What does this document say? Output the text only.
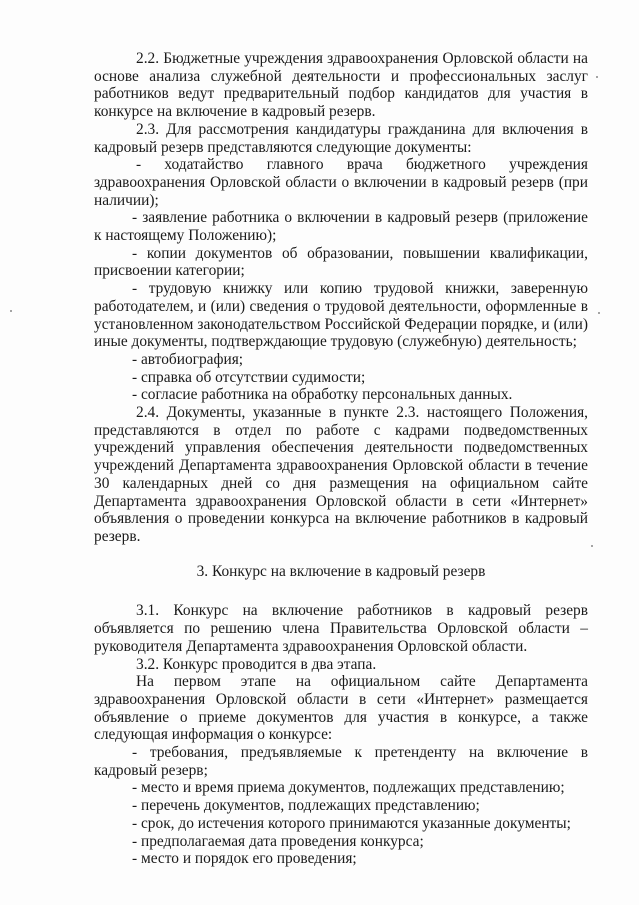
2.2. Бюджетные учреждения здравоохранения Орловской области на основе анализа служебной деятельности и профессиональных заслуг работников ведут предварительный подбор кандидатов для участия в конкурсе на включение в кадровый резерв.

2.3. Для рассмотрения кандидатуры гражданина для включения в кадровый резерв представляются следующие документы:

- ходатайство главного врача бюджетного учреждения здравоохранения Орловской области о включении в кадровый резерв (при наличии);

- заявление работника о включении в кадровый резерв (приложение к настоящему Положению);

- копии документов об образовании, повышении квалификации, присвоении категории;

- трудовую книжку или копию трудовой книжки, заверенную работодателем, и (или) сведения о трудовой деятельности, оформленные в установленном законодательством Российской Федерации порядке, и (или) иные документы, подтверждающие трудовую (служебную) деятельность;

- автобиография;

- справка об отсутствии судимости;

- согласие работника на обработку персональных данных.

2.4. Документы, указанные в пункте 2.3. настоящего Положения, представляются в отдел по работе с кадрами подведомственных учреждений управления обеспечения деятельности подведомственных учреждений Департамента здравоохранения Орловской области в течение 30 календарных дней со дня размещения на официальном сайте Департамента здравоохранения Орловской области в сети «Интернет» объявления о проведении конкурса на включение работников в кадровый резерв.

3. Конкурс на включение в кадровый резерв

3.1. Конкурс на включение работников в кадровый резерв объявляется по решению члена Правительства Орловской области – руководителя Департамента здравоохранения Орловской области.

3.2. Конкурс проводится в два этапа.

На первом этапе на официальном сайте Департамента здравоохранения Орловской области в сети «Интернет» размещается объявление о приеме документов для участия в конкурсе, а также следующая информация о конкурсе:

- требования, предъявляемые к претенденту на включение в кадровый резерв;

- место и время приема документов, подлежащих представлению;

- перечень документов, подлежащих представлению;

- срок, до истечения которого принимаются указанные документы;

- предполагаемая дата проведения конкурса;

- место и порядок его проведения;
